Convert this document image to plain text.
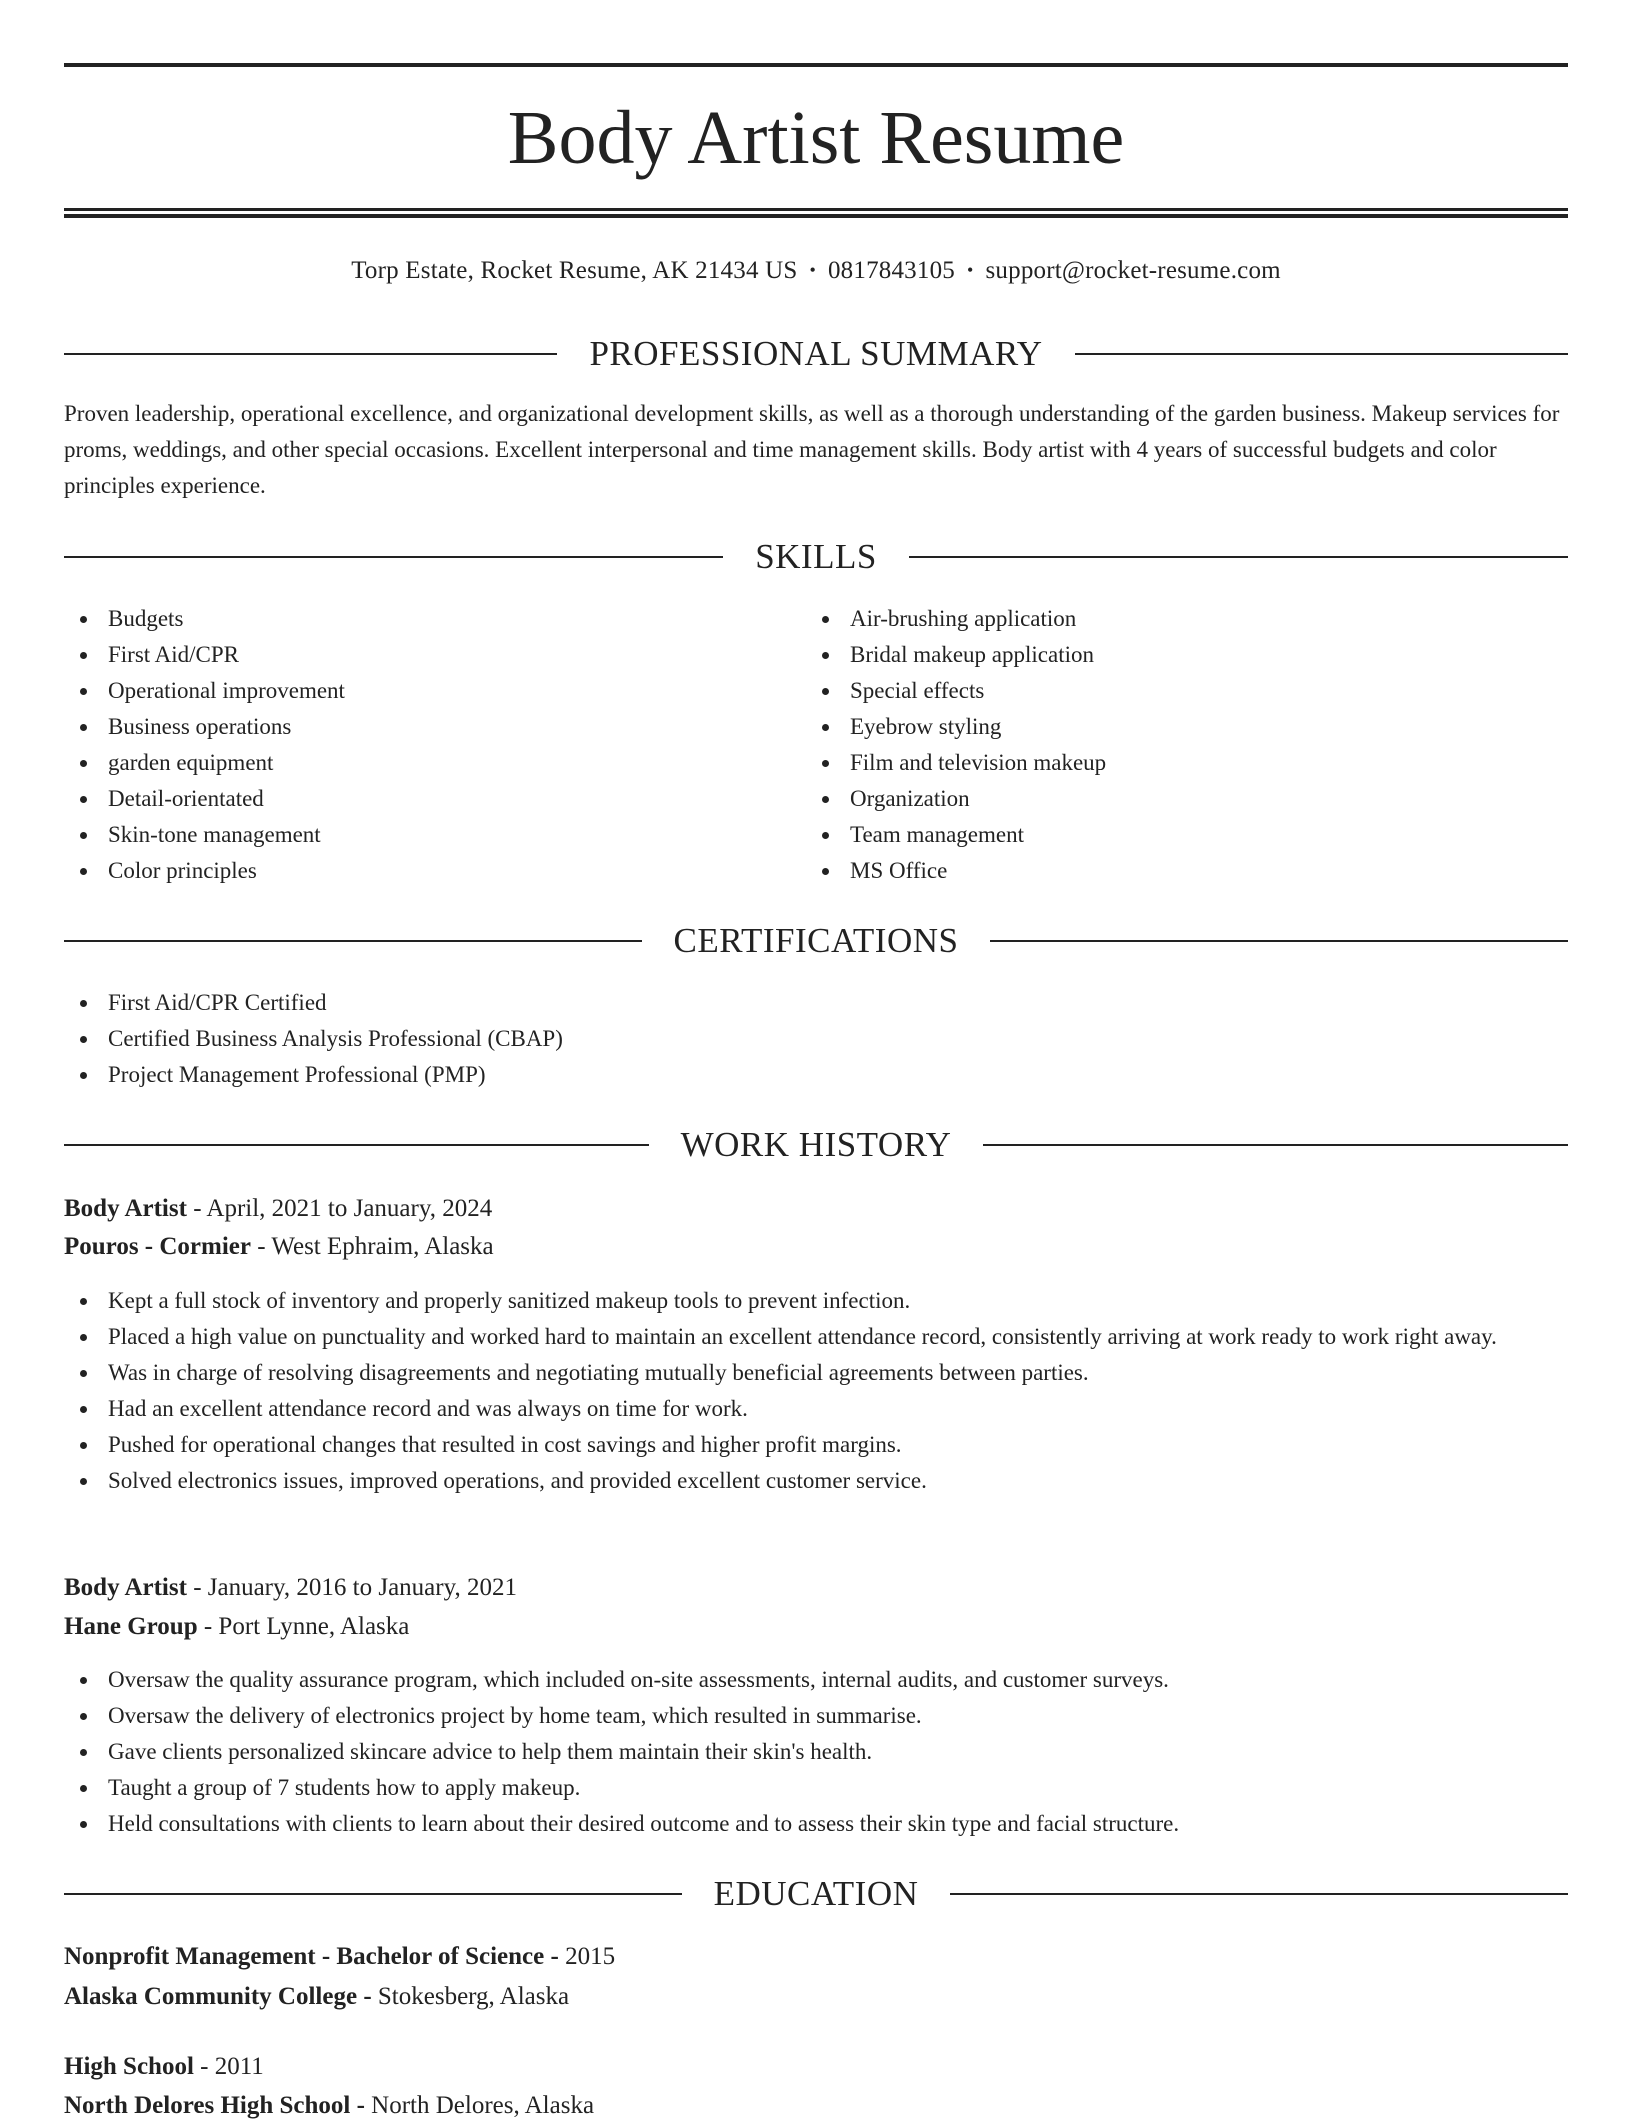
Body Artist Resume
Torp Estate, Rocket Resume, AK 21434 US • 0817843105 • support@rocket-resume.com
PROFESSIONAL SUMMARY

Proven leadership, operational excellence, and organizational development skills, as well as a thorough understanding of the garden business. Makeup services for proms, weddings, and other special occasions. Excellent interpersonal and time management skills. Body artist with 4 years of successful budgets and color principles experience.

SKILLS
Budgets
First Aid/CPR
Operational improvement
Business operations
garden equipment
Detail-orientated
Skin-tone management
Color principles
Air-brushing application
Bridal makeup application
Special effects
Eyebrow styling
Film and television makeup
Organization
Team management
MS Office
CERTIFICATIONS
First Aid/CPR Certified
Certified Business Analysis Professional (CBAP)
Project Management Professional (PMP)
WORK HISTORY
Body Artist - April, 2021 to January, 2024
Pouros - Cormier - West Ephraim, Alaska
Kept a full stock of inventory and properly sanitized makeup tools to prevent infection.
Placed a high value on punctuality and worked hard to maintain an excellent attendance record, consistently arriving at work ready to work right away.
Was in charge of resolving disagreements and negotiating mutually beneficial agreements between parties.
Had an excellent attendance record and was always on time for work.
Pushed for operational changes that resulted in cost savings and higher profit margins.
Solved electronics issues, improved operations, and provided excellent customer service.
Body Artist - January, 2016 to January, 2021
Hane Group - Port Lynne, Alaska
Oversaw the quality assurance program, which included on-site assessments, internal audits, and customer surveys.
Oversaw the delivery of electronics project by home team, which resulted in summarise.
Gave clients personalized skincare advice to help them maintain their skin's health.
Taught a group of 7 students how to apply makeup.
Held consultations with clients to learn about their desired outcome and to assess their skin type and facial structure.
EDUCATION
Nonprofit Management - Bachelor of Science - 2015
Alaska Community College - Stokesberg, Alaska
High School - 2011
North Delores High School - North Delores, Alaska
